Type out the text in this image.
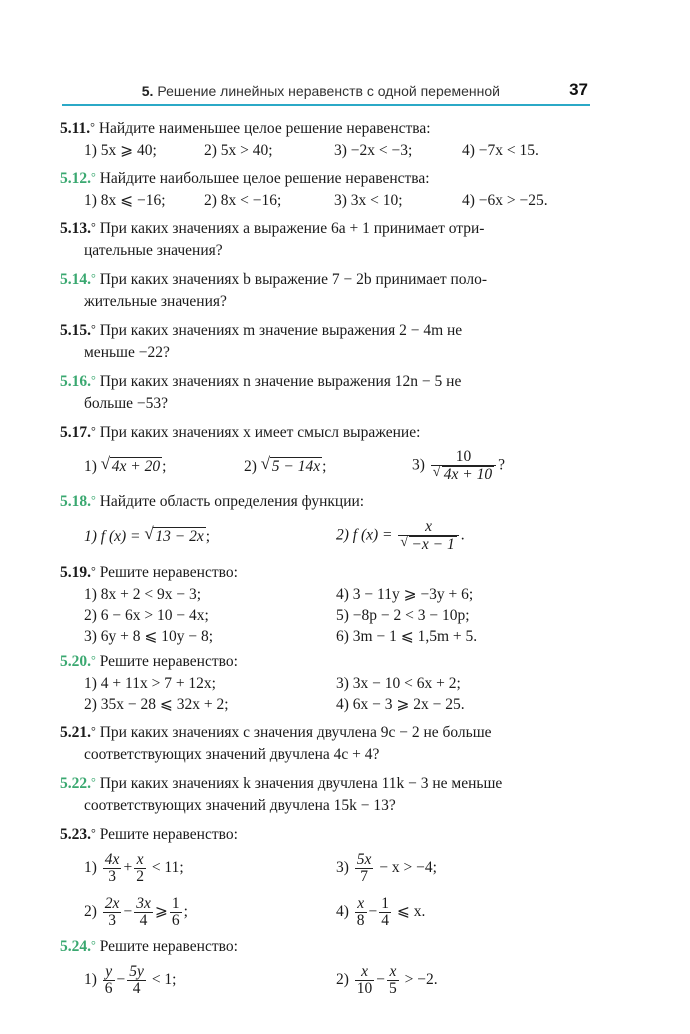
5. Решение линейных неравенств с одной переменной	37
5.11.° Найдите наименьшее целое решение неравенства:
1) 5x ⩾ 40;	2) 5x > 40;	3) −2x < −3;	4) −7x < 15.
5.12.° Найдите наибольшее целое решение неравенства:
1) 8x ⩽ −16;	2) 8x < −16;	3) 3x < 10;	4) −6x > −25.
5.13.° При каких значениях a выражение 6a + 1 принимает отри-
цательные значения?
5.14.° При каких значениях b выражение 7 − 2b принимает поло-
жительные значения?
5.15.° При каких значениях m значение выражения 2 − 4m не
меньше −22?
5.16.° При каких значениях n значение выражения 12n − 5 не
больше −53?
5.17.° При каких значениях x имеет смысл выражение:
1) √ 4x + 20 ;	2) √ 5 − 14x ;	$3) \frac{10}{√ 4x + 10}$ ?
5.18.° Найдите область определения функции:
1) f (x) = √ 13 − 2x ;	2) f $(x) = \frac{x}{√ -x - 1}$ .
5.19.° Решите неравенство:
1) 8x + 2 < 9x − 3;	4) 3 − 11y ⩾ −3y + 6;
2) 6 − 6x > 10 − 4x;	5) −8p − 2 < 3 − 10p;
3) 6y + 8 ⩽ 10y − 8;	6) 3m − 1 ⩽ 1,5m + 5.
5.20.° Решите неравенство:
1) 4 + 11x > 7 + 12x;	3) 3x − 10 < 6x + 2;
2) 35x − 28 ⩽ 32x + 2;	4) 6x − 3 ⩾ 2x − 25.
5.21.° При каких значениях c значения двучлена 9c − 2 не больше
соответствующих значений двучлена 4c + 4?
5.22.° При каких значениях k значения двучлена 11k − 3 не меньше
соответствующих значений двучлена 15k − 13?
5.23.° Решите неравенство:
$1) \frac{4x}{3} + \frac{x}{2} < 11$;	$3) \frac{5x}{7} - x > -4$;
$2) \frac{2x}{3} - \frac{3x}{4}$ ⩾ $\frac{1}{6}$ ;	$4) \frac{x}{8} - \frac{1}{4}$ ⩽ x.
5.24.° Решите неравенство:
$1) \frac{y}{6} - \frac{5y}{4} < 1$;	$2) \frac{x}{10} - \frac{x}{5} > -2$.
